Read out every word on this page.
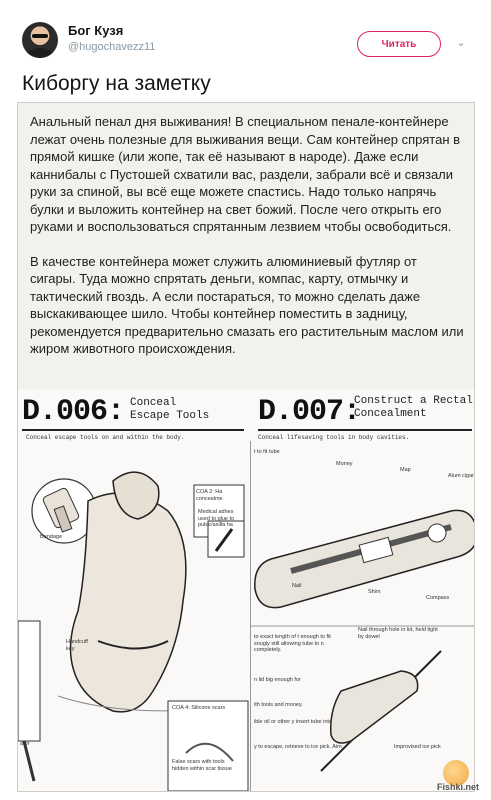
Бог Кузя
@hugochavezz11	Читать	⌄
Киборгу на заметку

Анальный пенал дня выживания! В специальном пенале-контейнере лежат очень полезные для выживания вещи. Сам контейнер спрятан в прямой кишке (или жопе, так её называют в народе). Даже если каннибалы с Пустошей схватили вас, раздели, забрали всё и связали руки за спиной, вы всё еще можете спастись. Надо только напрячь булки и выложить контейнер на свет божий. После чего открыть его руками и воспользоваться спрятанным лезвием чтобы освободиться.

В качестве контейнера может служить алюминиевый футляр от сигары. Туда можно спрятать деньги, компас, карту, отмычку и тактический гвоздь. А если постараться, то можно сделать даже выскакивающее шило. Чтобы контейнер поместить в задницу, рекомендуется предварительно смазать его растительным маслом или жиром животного происхождения.

D.006: Conceal
Escape Tools
Conceal escape tools on and within the body.
D.007:
Construct a Rectal
Concealment
Conceal lifesaving tools in body cavities.
Bandage
Handcuff key
COA 2: Ha
concealme
Medical adhes used to glue to pubic/axilla ha
ator
COA 4: Silicone scars
False scars with tools hidden within scar tissue
t to fit tube
Money
Map
Alum cigar
Nail
Shim
Compass
Nail through hole in lid, held tight by dowel
to exact length of t enough to fit snugly still allowing tube to n completely.
n lid big enough for
ith tools and money.
ible oil or other y insert tube into
y to escape, retrieve to ice pick. Aim	Improvised ice pick
Fishki.net
